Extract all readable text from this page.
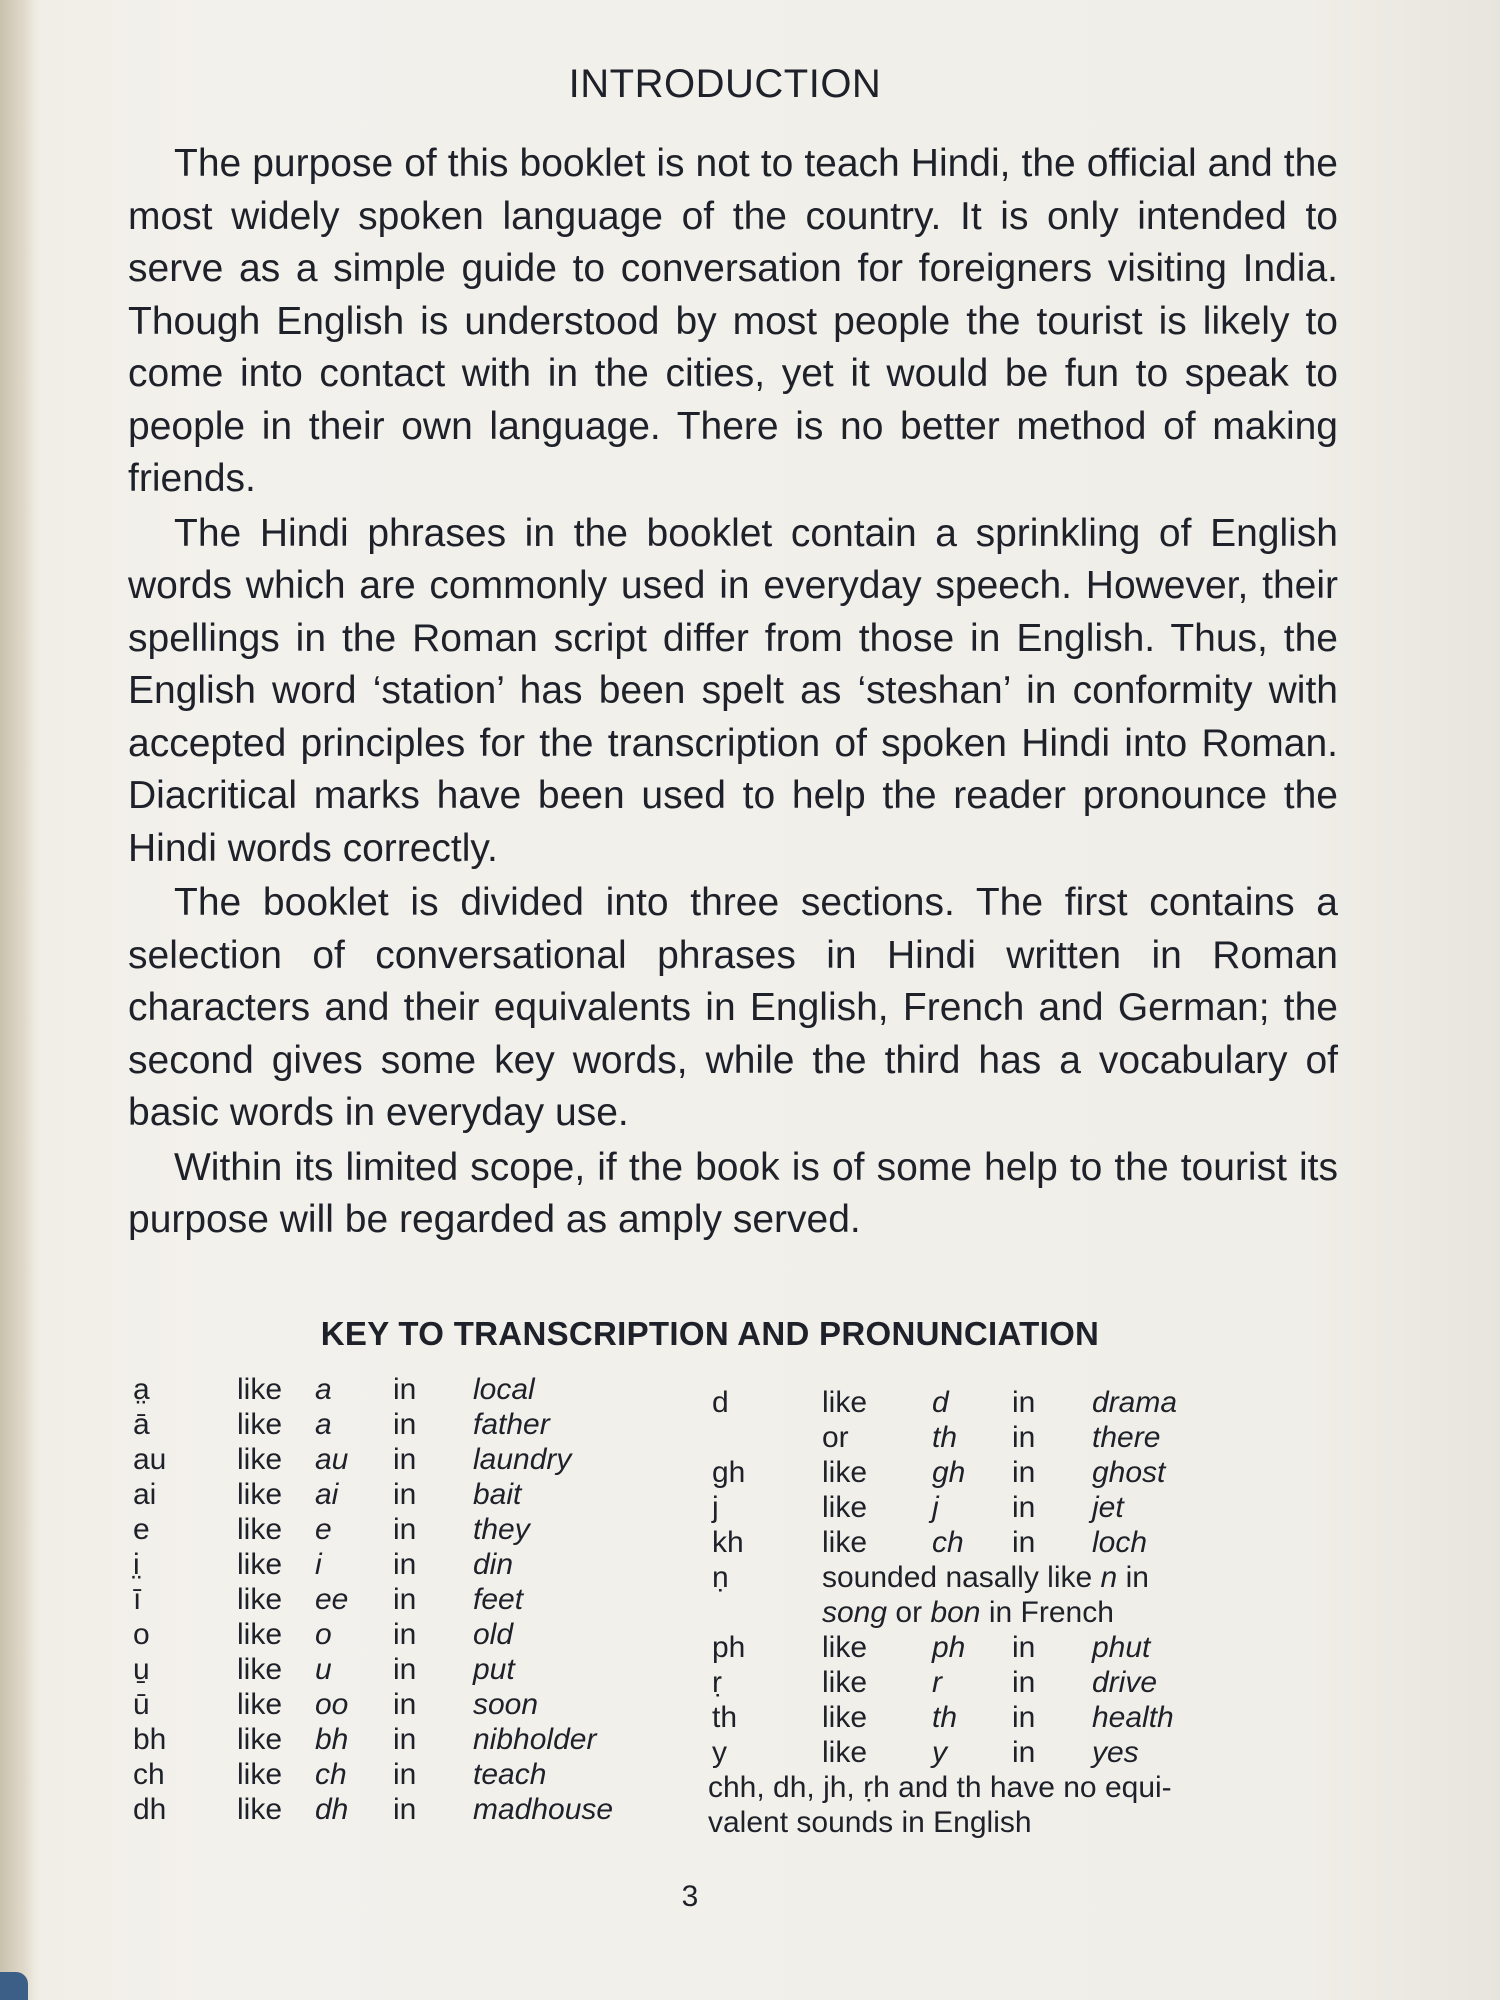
INTRODUCTION

The purpose of this booklet is not to teach Hindi, the official and the most widely spoken language of the country. It is only intended to serve as a simple guide to conversation for foreigners visiting India. Though English is understood by most people the tourist is likely to come into contact with in the cities, yet it would be fun to speak to people in their own language. There is no better method of making friends.

The Hindi phrases in the booklet contain a sprinkling of English words which are commonly used in everyday speech. However, their spellings in the Roman script differ from those in English. Thus, the English word ‘station’ has been spelt as ‘steshan’ in conformity with accepted principles for the transcription of spoken Hindi into Roman. Diacritical marks have been used to help the reader pronounce the Hindi words correctly.

The booklet is divided into three sections. The first contains a selection of conversational phrases in Hindi written in Roman characters and their equivalents in English, French and German; the second gives some key words, while the third has a vocabulary of basic words in everyday use.

Within its limited scope, if the book is of some help to the tourist its purpose will be regarded as amply served.

KEY TO TRANSCRIPTION AND PRONUNCIATION
a̤	like a in local
ā	like a in father
au like au in laundry
ai	like ai in bait
e	like e in they
i̤	like i in din
ī	like ee in feet
o	like o in old
u̱	like u in put
ū	like oo in soon
bh like bh in nibholder
ch like ch in teach
dh like dh in madhouse
d	like d in drama
or	th in there
gh	like gh in ghost
j	like j in jet
kh	like ch in loch
ṇ	sounded nasally like n in
song or bon in French
ph	like ph in phut
ṛ	like r in drive
th	like th in health
y	like y in yes
chh, dh, jh, ṛh and th have no equi-
valent sounds in English
3
